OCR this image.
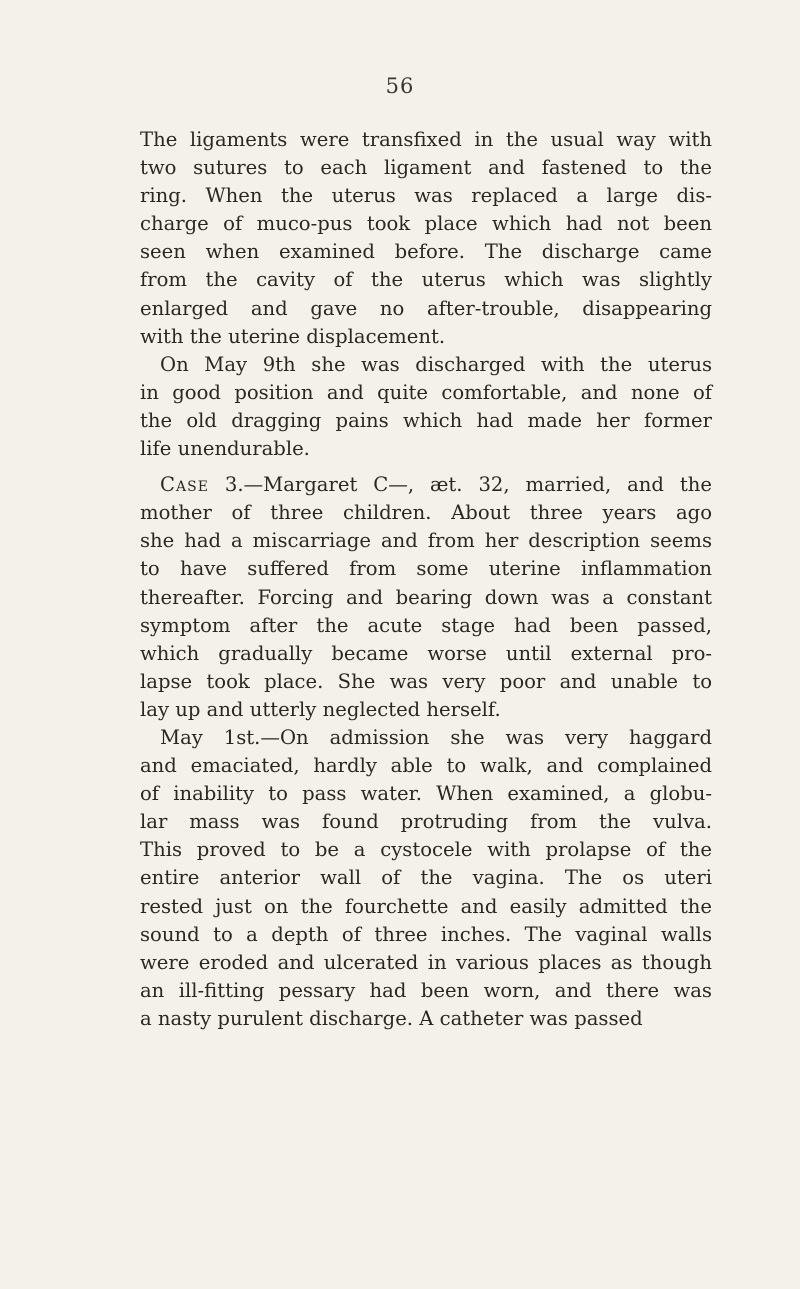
56
The ligaments were transfixed in the usual way with
two sutures to each ligament and fastened to the
ring. When the uterus was replaced a large dis-
charge of muco-pus took place which had not been
seen when examined before. The discharge came
from the cavity of the uterus which was slightly
enlarged and gave no after-trouble, disappearing
with the uterine displacement.
On May 9th she was discharged with the uterus
in good position and quite comfortable, and none of
the old dragging pains which had made her former
life unendurable.
Case 3.—Margaret C—, æt. 32, married, and the
mother of three children. About three years ago
she had a miscarriage and from her description seems
to have suffered from some uterine inflammation
thereafter. Forcing and bearing down was a constant
symptom after the acute stage had been passed,
which gradually became worse until external pro-
lapse took place. She was very poor and unable to
lay up and utterly neglected herself.
May 1st.—On admission she was very haggard
and emaciated, hardly able to walk, and complained
of inability to pass water. When examined, a globu-
lar mass was found protruding from the vulva.
This proved to be a cystocele with prolapse of the
entire anterior wall of the vagina. The os uteri
rested just on the fourchette and easily admitted the
sound to a depth of three inches. The vaginal walls
were eroded and ulcerated in various places as though
an ill-fitting pessary had been worn, and there was
a nasty purulent discharge. A catheter was passed
